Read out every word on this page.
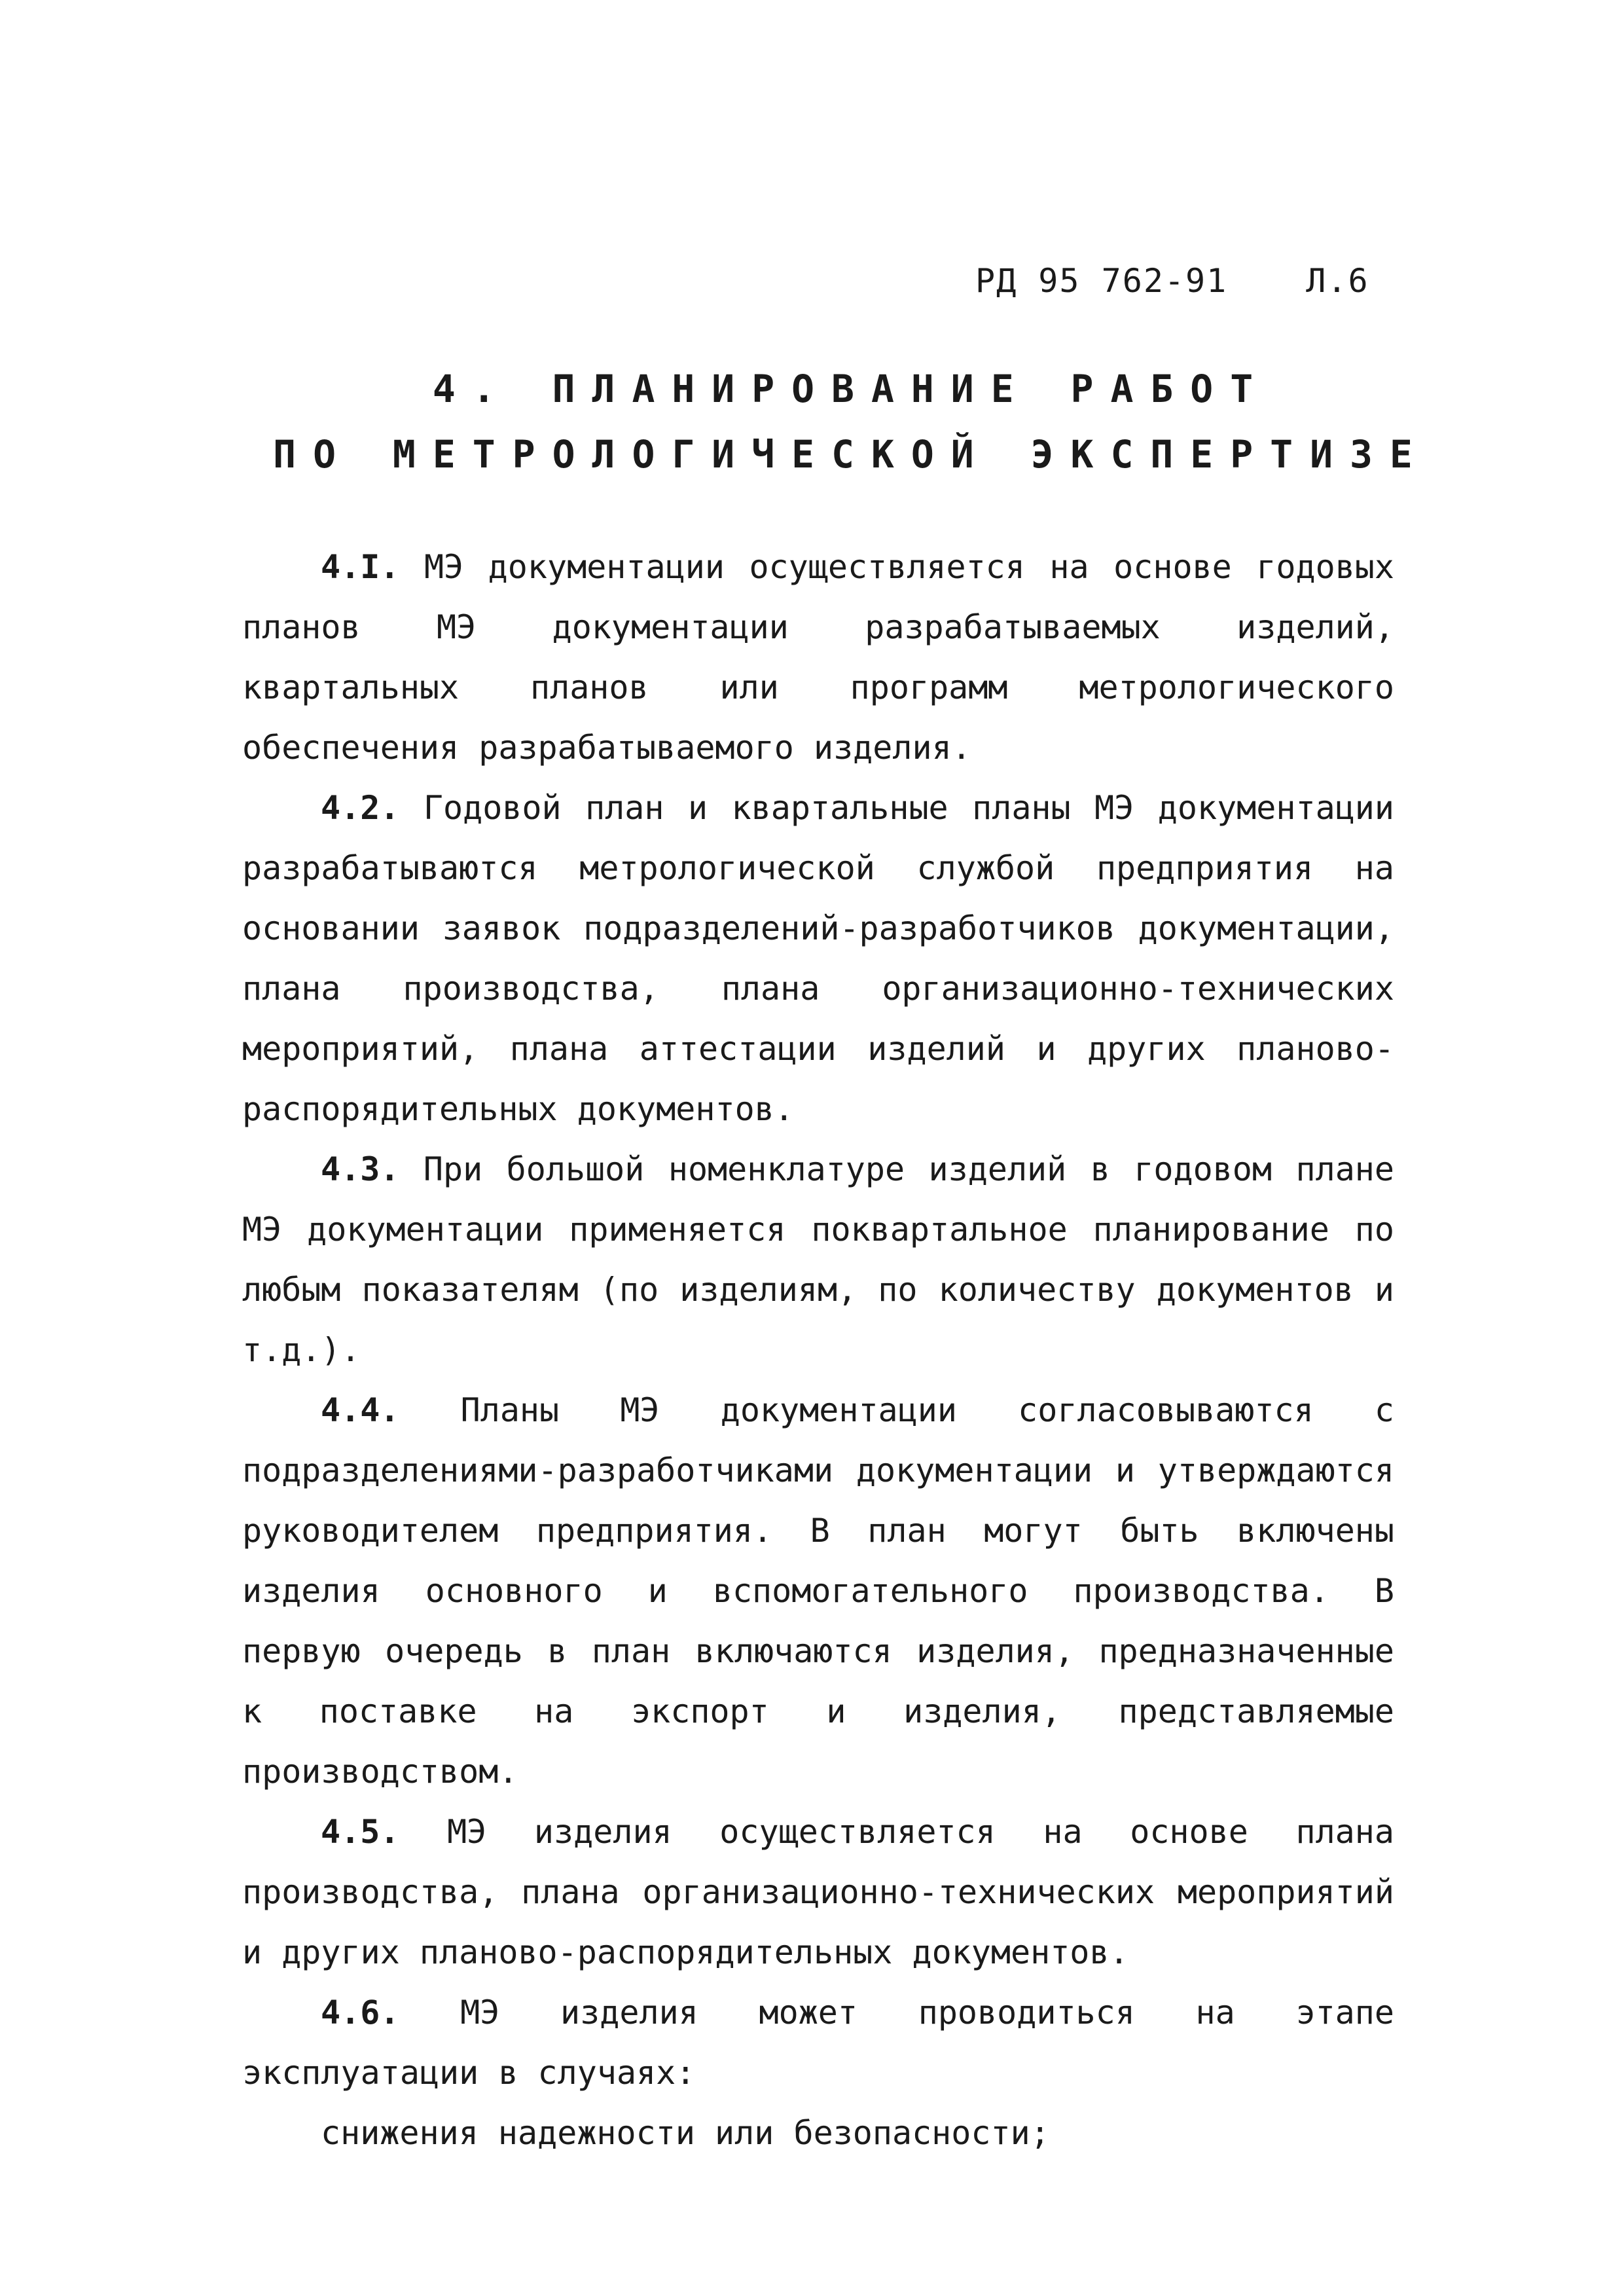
РД 95 762-91 Л.6
4. ПЛАНИРОВАНИЕ РАБОТ
ПО МЕТРОЛОГИЧЕСКОЙ ЭКСПЕРТИЗЕ

4.I. МЭ документации осуществляется на основе годовых планов МЭ документации разрабатываемых изделий, квартальных планов или программ метрологического обеспечения разрабатываемого изделия.

4.2. Годовой план и квартальные планы МЭ документации разрабатываются метрологической службой предприятия на основании заявок подразделений-разработчиков документации, плана производства, плана организационно-технических мероприятий, плана аттестации изделий и других планово-распорядительных документов.

4.3. При большой номенклатуре изделий в годовом плане МЭ документации применяется поквартальное планирование по любым показателям (по изделиям, по количеству документов и т.д.).

4.4. Планы МЭ документации согласовываются с подразделениями-разработчиками документации и утверждаются руководителем предприятия. В план могут быть включены изделия основного и вспомогательного производства. В первую очередь в план включаются изделия, предназначенные к поставке на экспорт и изделия, представляемые производством.

4.5. МЭ изделия осуществляется на основе плана производства, плана организационно-технических мероприятий и других планово-распорядительных документов.

4.6. МЭ изделия может проводиться на этапе эксплуатации в случаях:

снижения надежности или безопасности;
